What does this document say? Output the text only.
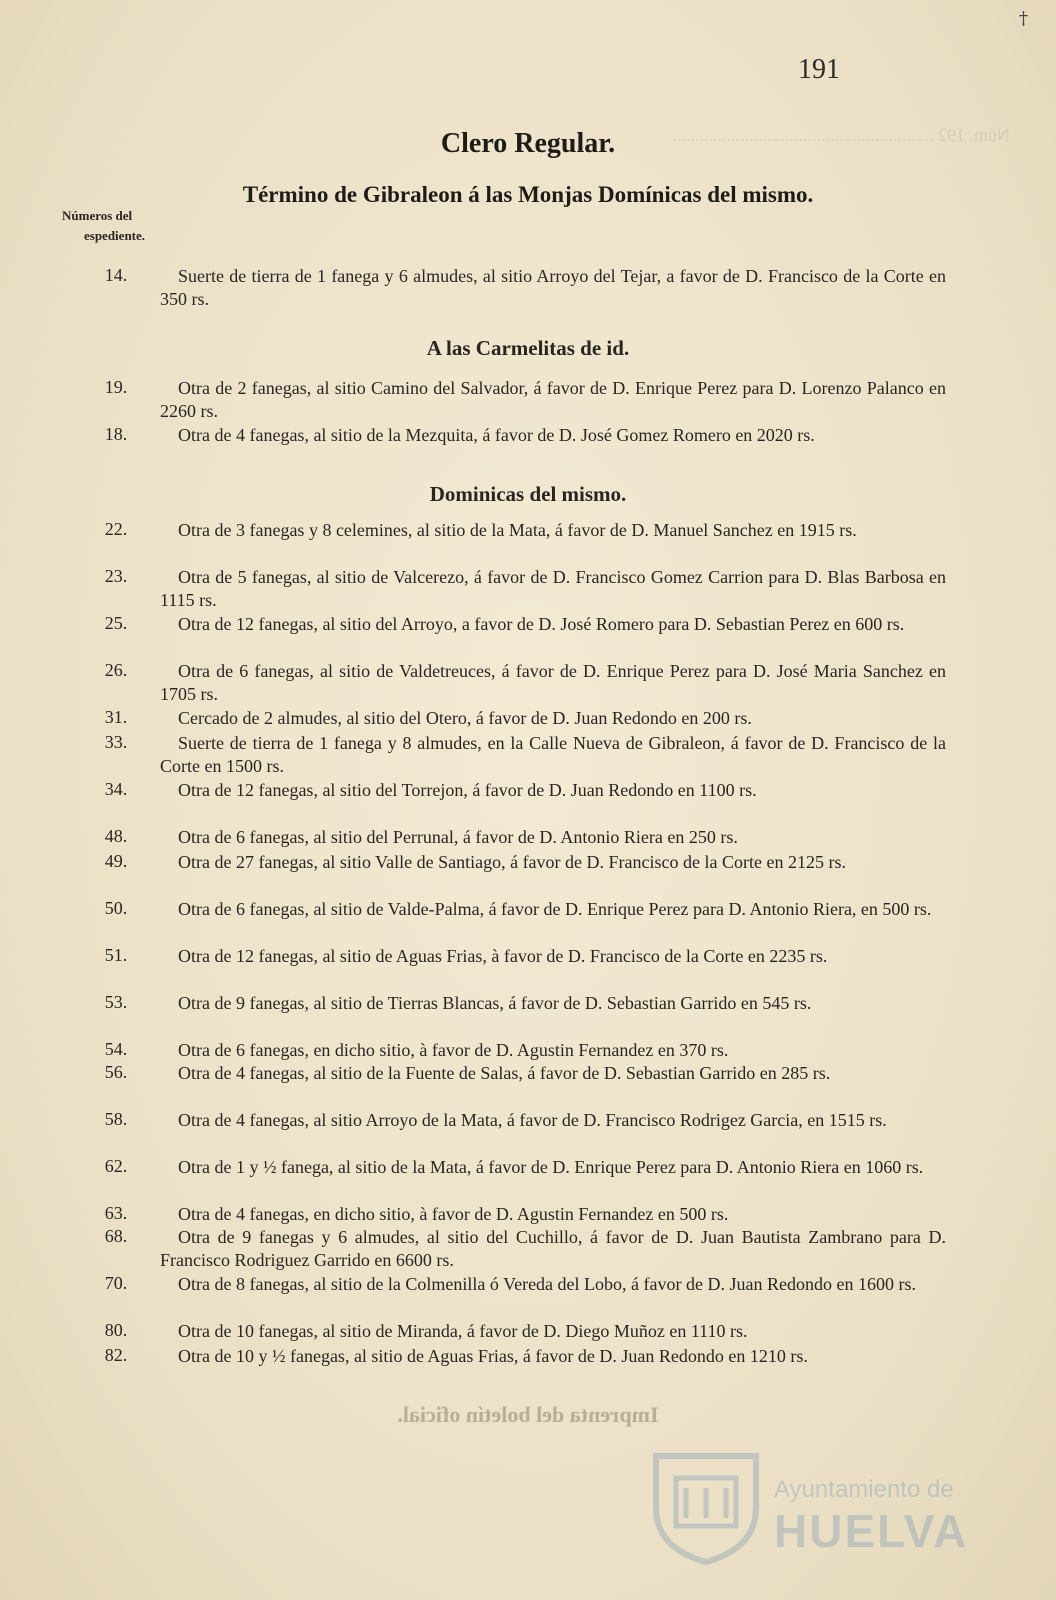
Núm. 192 ..........................................................
†
191
Clero Regular.
Término de Gibraleon á las Monjas Domínicas del mismo.
Números del
espediente.
14.	Suerte de tierra de 1 fanega y 6 almudes, al sitio Arroyo del Tejar, a favor de D. Francisco de la Corte en 350 rs.
A las Carmelitas de id.
19.	Otra de 2 fanegas, al sitio Camino del Salvador, á favor de D. Enrique Perez para D. Lorenzo Palanco en 2260 rs.
18.	Otra de 4 fanegas, al sitio de la Mezquita, á favor de D. José Gomez Romero en 2020 rs.
Dominicas del mismo.
22.	Otra de 3 fanegas y 8 celemines, al sitio de la Mata, á favor de D. Manuel Sanchez en 1915 rs.
23.	Otra de 5 fanegas, al sitio de Valcerezo, á favor de D. Francisco Gomez Carrion para D. Blas Barbosa en 1115 rs.
25.	Otra de 12 fanegas, al sitio del Arroyo, a favor de D. José Romero para D. Sebastian Perez en 600 rs.
26.	Otra de 6 fanegas, al sitio de Valdetreuces, á favor de D. Enrique Perez para D. José Maria Sanchez en 1705 rs.
31.	Cercado de 2 almudes, al sitio del Otero, á favor de D. Juan Redondo en 200 rs.
33.	Suerte de tierra de 1 fanega y 8 almudes, en la Calle Nueva de Gibraleon, á favor de D. Francisco de la Corte en 1500 rs.
34.	Otra de 12 fanegas, al sitio del Torrejon, á favor de D. Juan Redondo en 1100 rs.
48.	Otra de 6 fanegas, al sitio del Perrunal, á favor de D. Antonio Riera en 250 rs.
49.	Otra de 27 fanegas, al sitio Valle de Santiago, á favor de D. Francisco de la Corte en 2125 rs.
50.	Otra de 6 fanegas, al sitio de Valde-Palma, á favor de D. Enrique Perez para D. Antonio Riera, en 500 rs.
51.	Otra de 12 fanegas, al sitio de Aguas Frias, à favor de D. Francisco de la Corte en 2235 rs.
53.	Otra de 9 fanegas, al sitio de Tierras Blancas, á favor de D. Sebastian Garrido en 545 rs.
54.	Otra de 6 fanegas, en dicho sitio, à favor de D. Agustin Fernandez en 370 rs.
56.	Otra de 4 fanegas, al sitio de la Fuente de Salas, á favor de D. Sebastian Garrido en 285 rs.
58.	Otra de 4 fanegas, al sitio Arroyo de la Mata, á favor de D. Francisco Rodrigez Garcia, en 1515 rs.
62.	Otra de 1 y ½ fanega, al sitio de la Mata, á favor de D. Enrique Perez para D. Antonio Riera en 1060 rs.
63.	Otra de 4 fanegas, en dicho sitio, à favor de D. Agustin Fernandez en 500 rs.
68.	Otra de 9 fanegas y 6 almudes, al sitio del Cuchillo, á favor de D. Juan Bautista Zambrano para D. Francisco Rodriguez Garrido en 6600 rs.
70.	Otra de 8 fanegas, al sitio de la Colmenilla ó Vereda del Lobo, á favor de D. Juan Redondo en 1600 rs.
80.	Otra de 10 fanegas, al sitio de Miranda, á favor de D. Diego Muñoz en 1110 rs.
82.	Otra de 10 y ½ fanegas, al sitio de Aguas Frias, á favor de D. Juan Redondo en 1210 rs.
Imprenta del boletín oficial.
Ayuntamiento de
HUELVA
